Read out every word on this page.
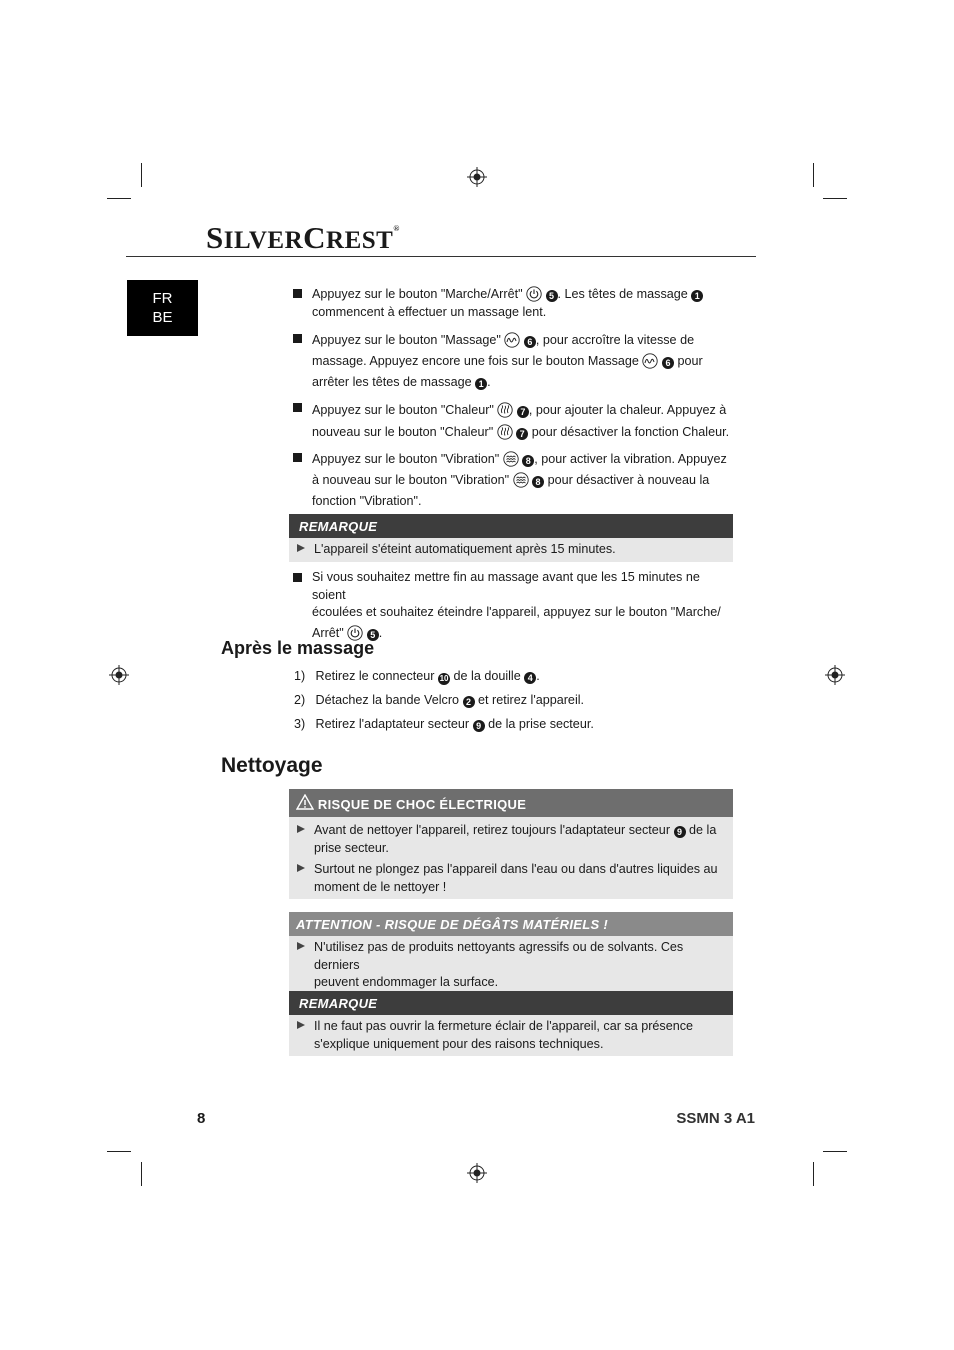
SILVERCREST®
FR
BE
Appuyez sur le bouton "Marche/Arrêt"	5 . Les têtes de massage 1
commencent à effectuer un massage lent.
Appuyez sur le bouton "Massage"	6 , pour accroître la vitesse de
massage. Appuyez encore une fois sur le bouton Massage	6 pour
arrêter les têtes de massage 1 .
Appuyez sur le bouton "Chaleur"	7 , pour ajouter la chaleur. Appuyez à
nouveau sur le bouton "Chaleur"	7 pour désactiver la fonction Chaleur.
Appuyez sur le bouton "Vibration"	8 , pour activer la vibration. Appuyez
à nouveau sur le bouton "Vibration"	8 pour désactiver à nouveau la
fonction "Vibration".
REMARQUE
L'appareil s'éteint automatiquement après 15 minutes.
Si vous souhaitez mettre fin au massage avant que les 15 minutes ne soient
écoulées et souhaitez éteindre l'appareil, appuyez sur le bouton "Marche/
Arrêt"	5 .
Après le massage
1) Retirez le connecteur 10 de la douille 4 .
2) Détachez la bande Velcro 2 et retirez l'appareil.
3) Retirez l'adaptateur secteur 9 de la prise secteur.
Nettoyage
RISQUE DE CHOC ÉLECTRIQUE
Avant de nettoyer l'appareil, retirez toujours l'adaptateur secteur 9 de la
prise secteur.
Surtout ne plongez pas l'appareil dans l'eau ou dans d'autres liquides au
moment de le nettoyer !
ATTENTION - RISQUE DE DÉGÂTS MATÉRIELS !
N'utilisez pas de produits nettoyants agressifs ou de solvants. Ces derniers
peuvent endommager la surface.
REMARQUE
Il ne faut pas ouvrir la fermeture éclair de l'appareil, car sa présence
s'explique uniquement pour des raisons techniques.
8	SSMN 3 A1
